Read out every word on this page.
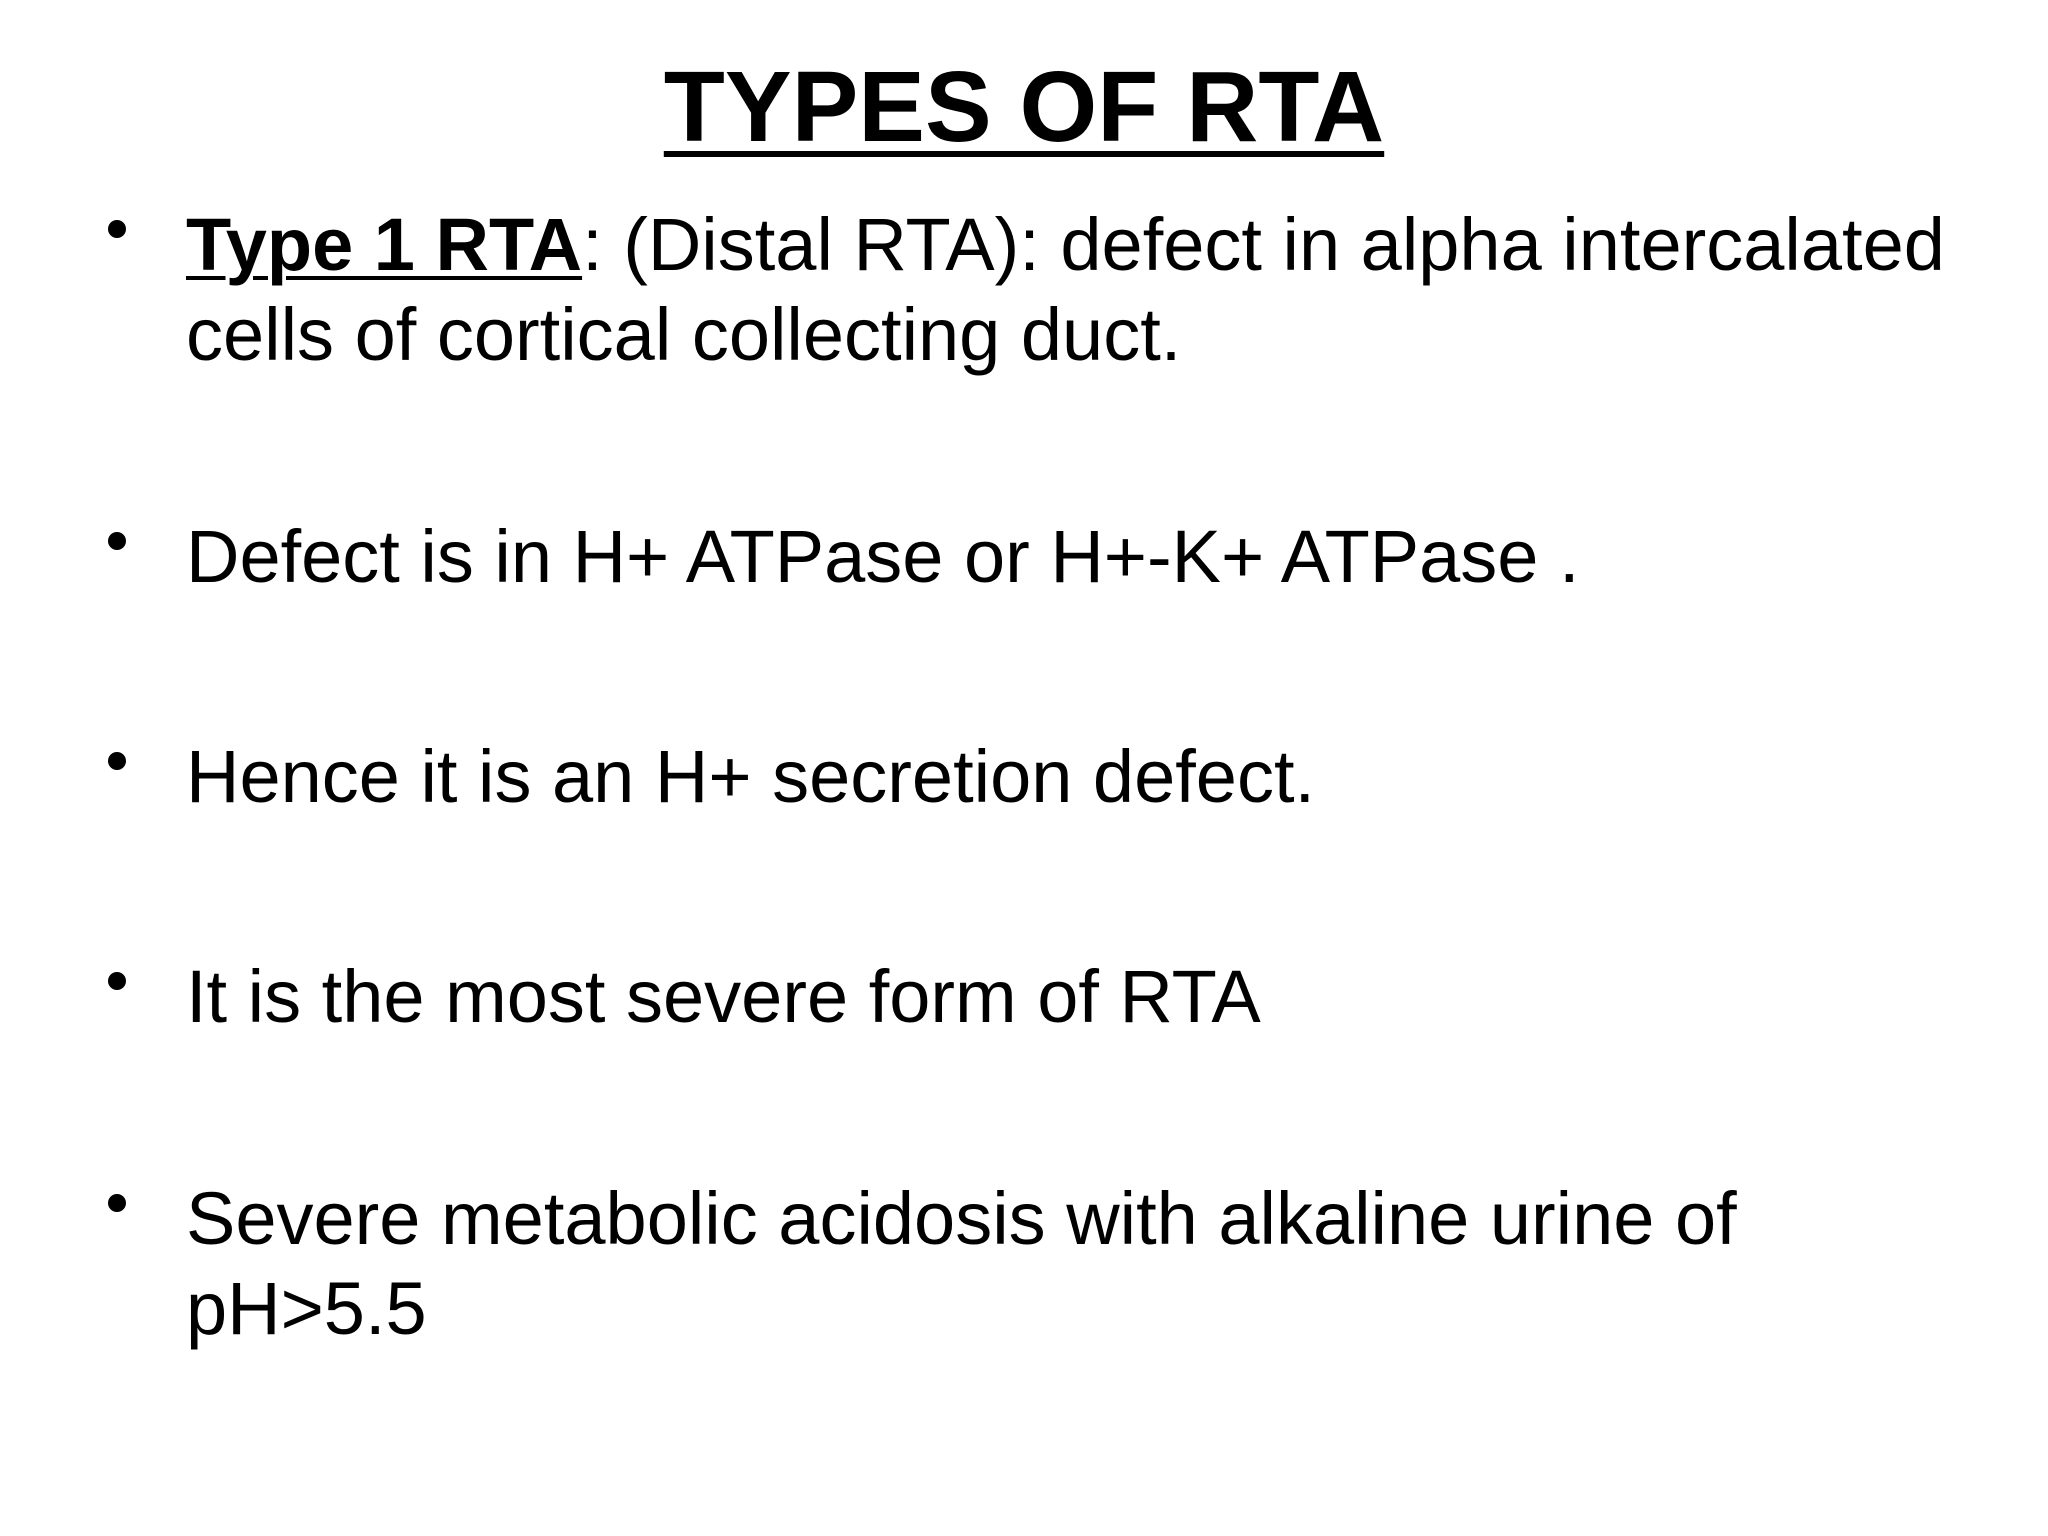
TYPES OF RTA
Type 1 RTA: (Distal RTA): defect in alpha intercalated cells of cortical collecting duct.
Defect is in H+ ATPase or H+-K+ ATPase .
Hence it is an H+ secretion defect.
It is the most severe form of RTA
Severe metabolic acidosis with alkaline urine of pH>5.5
